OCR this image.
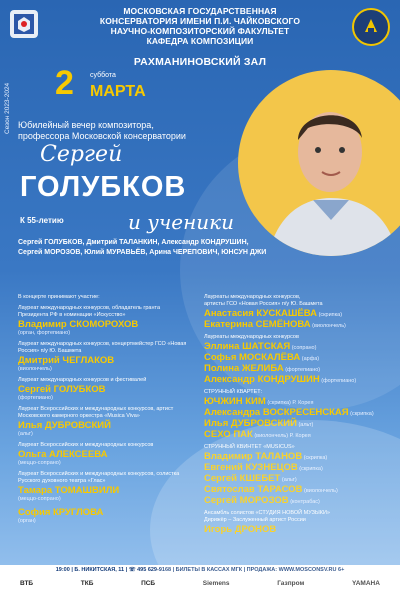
МОСКОВСКАЯ ГОСУДАРСТВЕННАЯ
КОНСЕРВАТОРИЯ ИМЕНИ П.И. ЧАЙКОВСКОГО
НАУЧНО-КОМПОЗИТОРСКИЙ ФАКУЛЬТЕТ
КАФЕДРА КОМПОЗИЦИИ
РАХМАНИНОВСКИЙ ЗАЛ
Сезон 2023-2024 2 суббота
МАРТА
Юбилейный вечер композитора,
профессора Московской консерватории
Сергей
ГОЛУБКОВ
К 55-летию	и ученики
Сергей ГОЛУБКОВ, Дмитрий ТАЛАНКИН, Александр КОНДРУШИН,
Сергей МОРОЗОВ, Юлий МУРАВЬЁВ, Арина ЧЕРЕПОВИЧ, ЮНСУН ДЖИ
В концерте принимают участие:
Лауреат международных конкурсов, обладатель гранта Президента РФ в номинации «Искусство»
Владимир СКОМОРОХОВ
(орган, фортепиано)
Лауреат международных конкурсов, концертмейстер ГСО «Новая Россия» п/у Ю. Башмета
Дмитрий ЧЕГЛАКОВ
(виолончель)
Лауреат международных конкурсов и фестивалей
Сергей ГОЛУБКОВ
(фортепиано)
Лауреат Всероссийских и международных конкурсов, артист Московского камерного оркестра «Musica Viva»
Илья ДУБРОВСКИЙ
(альт)
Лауреат Всероссийских и международных конкурсов
Ольга АЛЕКСЕЕВА
(меццо-сопрано)
Лауреат Всероссийских и международных конкурсов, солистка Русского духовного театра «Глас»
Тамара ТОМАШВИЛИ
(меццо-сопрано)
София КРУГЛОВА
(орган)
Лауреаты международных конкурсов,
артисты ГСО «Новая Россия» п/у Ю. Башмета
Анастасия КУСКАШЁВА (скрипка)
Екатерина СЕМЁНОВА (виолончель)
Лауреаты международных конкурсов
Эллина ШАТСКАЯ (сопрано)
Софья МОСКАЛЁВА (арфа)
Полина ЖЕЛИБА (фортепиано)
Александр КОНДРУШИН (фортепиано)
СТРУННЫЙ КВАРТЕТ:
ЮЧЖИН КИМ (скрипка) Р. Корея
Александра ВОСКРЕСЕНСКАЯ (скрипка)
Илья ДУБРОВСКИЙ (альт)
СЕХО ПАК (виолончель) Р. Корея
СТРУННЫЙ КВИНТЕТ «MUSICUS»
Владимир ТАЛАНОВ (скрипка)
Евгений КУЗНЕЦОВ (скрипка)
Сергей КШЕБЕТ (альт)
Святослав ТАРАСОВ (виолончель)
Сергей МОРОЗОВ (контрабас)
Ансамбль солистов «СТУДИЯ НОВОЙ МУЗЫКИ»
Дирижёр – Заслуженный артист России
Игорь ДРОНОВ
19:00 | Б. НИКИТСКАЯ, 11 | ☏ 495 629-9168 | БИЛЕТЫ В КАССАХ МГК | ПРОДАЖА: WWW.MOSCONSV.RU 6+
ВТБ	ТКБ	ПСБ	Siemens	Газпром	YAMAHA
